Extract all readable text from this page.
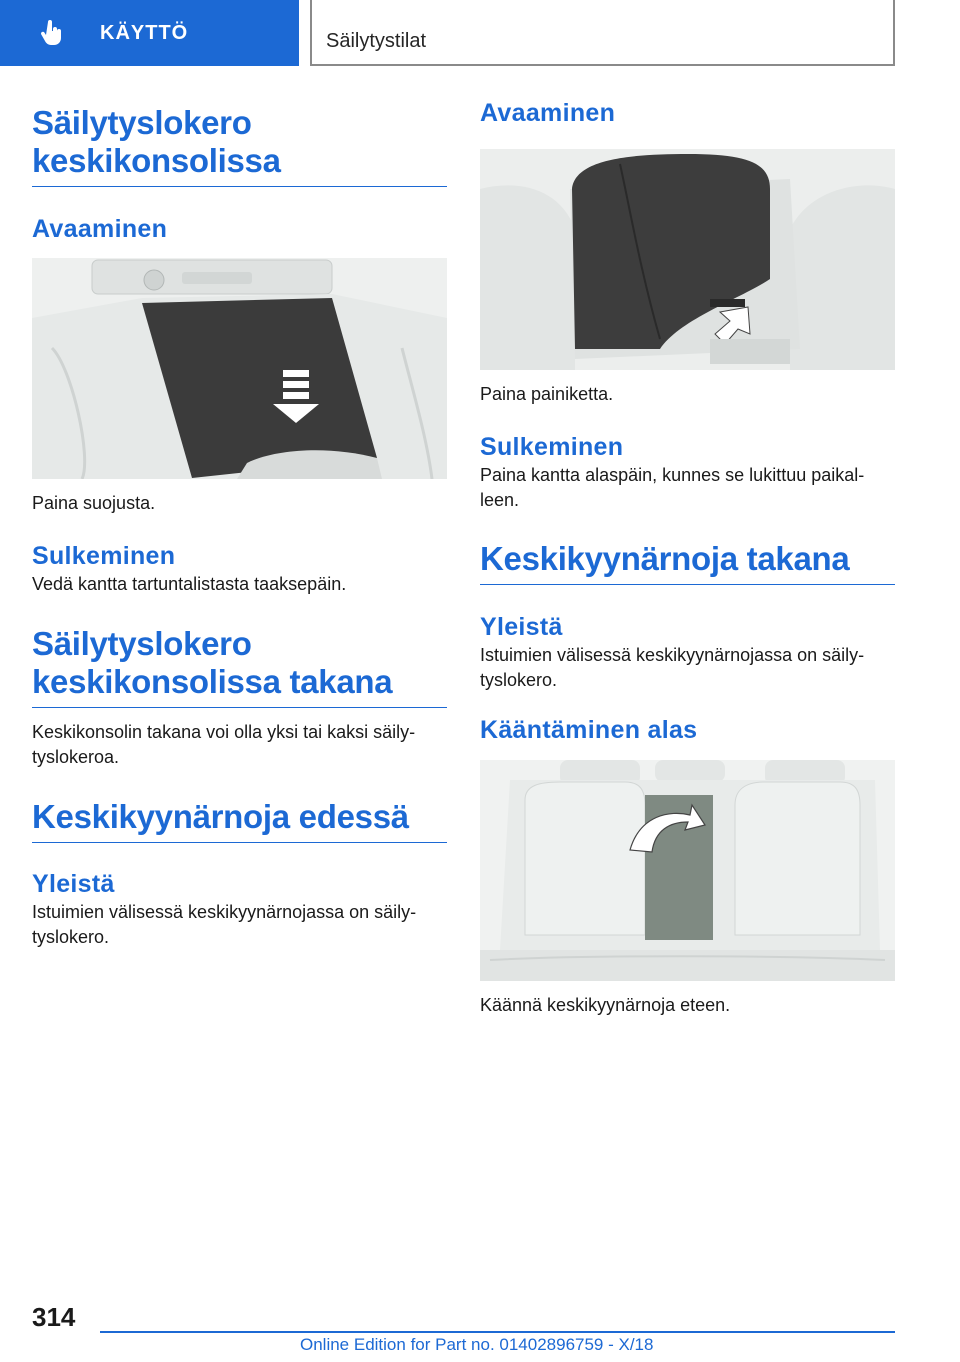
KÄYTTÖ	Säilytystilat
Säilytyslokero keskikonsolissa
Avaaminen

Paina suojusta.

Sulkeminen

Vedä kantta tartuntalistasta taaksepäin.

Säilytyslokero keskikonsolissa takana

Keskikonsolin takana voi olla yksi tai kaksi säily-tyslokeroa.

Keskikyynärnoja edessä
Yleistä

Istuimien välisessä keskikyynärnojassa on säily-tyslokero.

Avaaminen

Paina painiketta.

Sulkeminen

Paina kantta alaspäin, kunnes se lukittuu paikal-leen.

Keskikyynärnoja takana
Yleistä

Istuimien välisessä keskikyynärnojassa on säily-tyslokero.

Kääntäminen alas

Käännä keskikyynärnoja eteen.

314
Online Edition for Part no. 01402896759 - X/18
